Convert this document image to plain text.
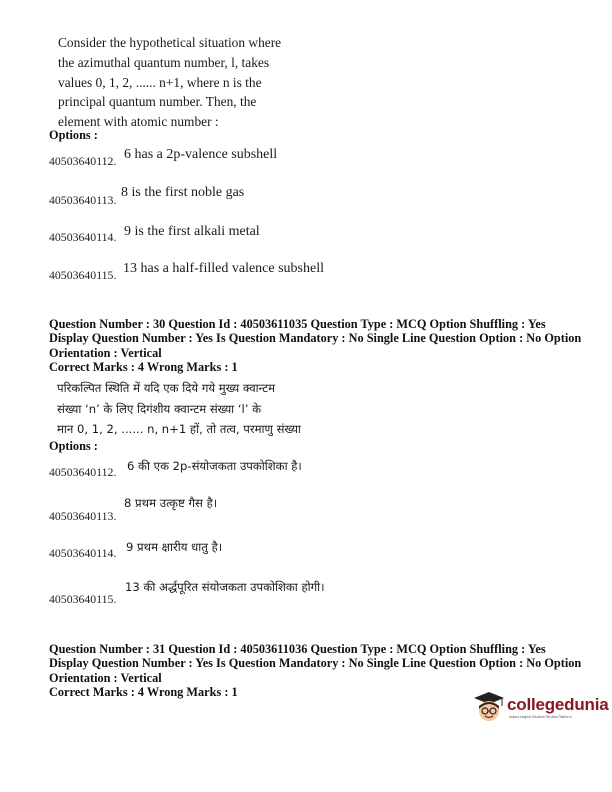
Consider the hypothetical situation where
the azimuthal quantum number, l, takes
values 0, 1, 2, ...... n+1, where n is the
principal quantum number. Then, the
element with atomic number :
Options :
40503640112. 6 has a 2p-valence subshell
40503640113. 8 is the first noble gas
40503640114. 9 is the first alkali metal
40503640115. 13 has a half-filled valence subshell
Question Number : 30 Question Id : 40503611035 Question Type : MCQ Option Shuffling : Yes
Display Question Number : Yes Is Question Mandatory : No Single Line Question Option : No Option
Orientation : Vertical
Correct Marks : 4 Wrong Marks : 1
परिकल्पित स्थिति में यदि एक दिये गये मुख्य क्वान्टम
संख्या ‘n’ के लिए दिगंशीय क्वान्टम संख्या ‘l’ के
मान 0, 1, 2, ...... n, n+1 हों, तो तत्व, परमाणु संख्या
Options :
40503640112. 6 की एक 2p-संयोजकता उपकोशिका है।
40503640113.
8 प्रथम उत्कृष्ट गैस है।
40503640114. 9 प्रथम क्षारीय धातु है।
40503640115.
13 की अर्द्धपूरित संयोजकता उपकोशिका होगी।
Question Number : 31 Question Id : 40503611036 Question Type : MCQ Option Shuffling : Yes
Display Question Number : Yes Is Question Mandatory : No Single Line Question Option : No Option
Orientation : Vertical
Correct Marks : 4 Wrong Marks : 1
collegedunia
India's largest Student Review Platform
